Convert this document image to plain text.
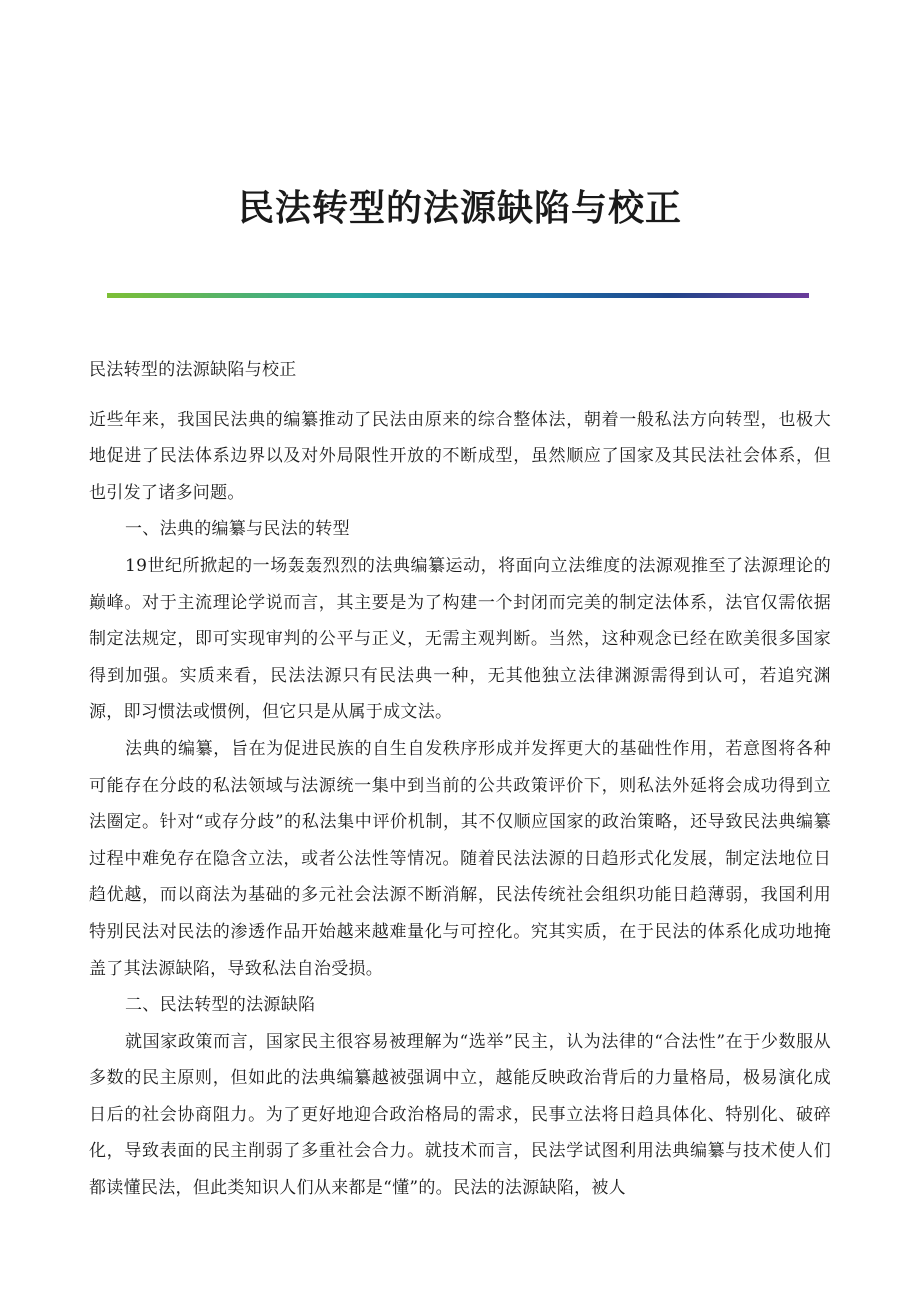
民法转型的法源缺陷与校正

民法转型的法源缺陷与校正

近些年来，我国民法典的编纂推动了民法由原来的综合整体法，朝着一般私法方向转型，也极大地促进了民法体系边界以及对外局限性开放的不断成型，虽然顺应了国家及其民法社会体系，但也引发了诸多问题。

一、法典的编纂与民法的转型

19世纪所掀起的一场轰轰烈烈的法典编纂运动，将面向立法维度的法源观推至了法源理论的巅峰。对于主流理论学说而言，其主要是为了构建一个封闭而完美的制定法体系，法官仅需依据制定法规定，即可实现审判的公平与正义，无需主观判断。当然，这种观念已经在欧美很多国家得到加强。实质来看，民法法源只有民法典一种，无其他独立法律渊源需得到认可，若追究渊源，即习惯法或惯例，但它只是从属于成文法。

法典的编纂，旨在为促进民族的自生自发秩序形成并发挥更大的基础性作用，若意图将各种可能存在分歧的私法领域与法源统一集中到当前的公共政策评价下，则私法外延将会成功得到立法圈定。针对“或存分歧”的私法集中评价机制，其不仅顺应国家的政治策略，还导致民法典编纂过程中难免存在隐含立法，或者公法性等情况。随着民法法源的日趋形式化发展，制定法地位日趋优越，而以商法为基础的多元社会法源不断消解，民法传统社会组织功能日趋薄弱，我国利用特别民法对民法的渗透作品开始越来越难量化与可控化。究其实质，在于民法的体系化成功地掩盖了其法源缺陷，导致私法自治受损。

二、民法转型的法源缺陷

就国家政策而言，国家民主很容易被理解为“选举”民主，认为法律的“合法性”在于少数服从多数的民主原则，但如此的法典编纂越被强调中立，越能反映政治背后的力量格局，极易演化成日后的社会协商阻力。为了更好地迎合政治格局的需求，民事立法将日趋具体化、特别化、破碎化，导致表面的民主削弱了多重社会合力。就技术而言，民法学试图利用法典编纂与技术使人们都读懂民法，但此类知识人们从来都是“懂”的。民法的法源缺陷，被人
